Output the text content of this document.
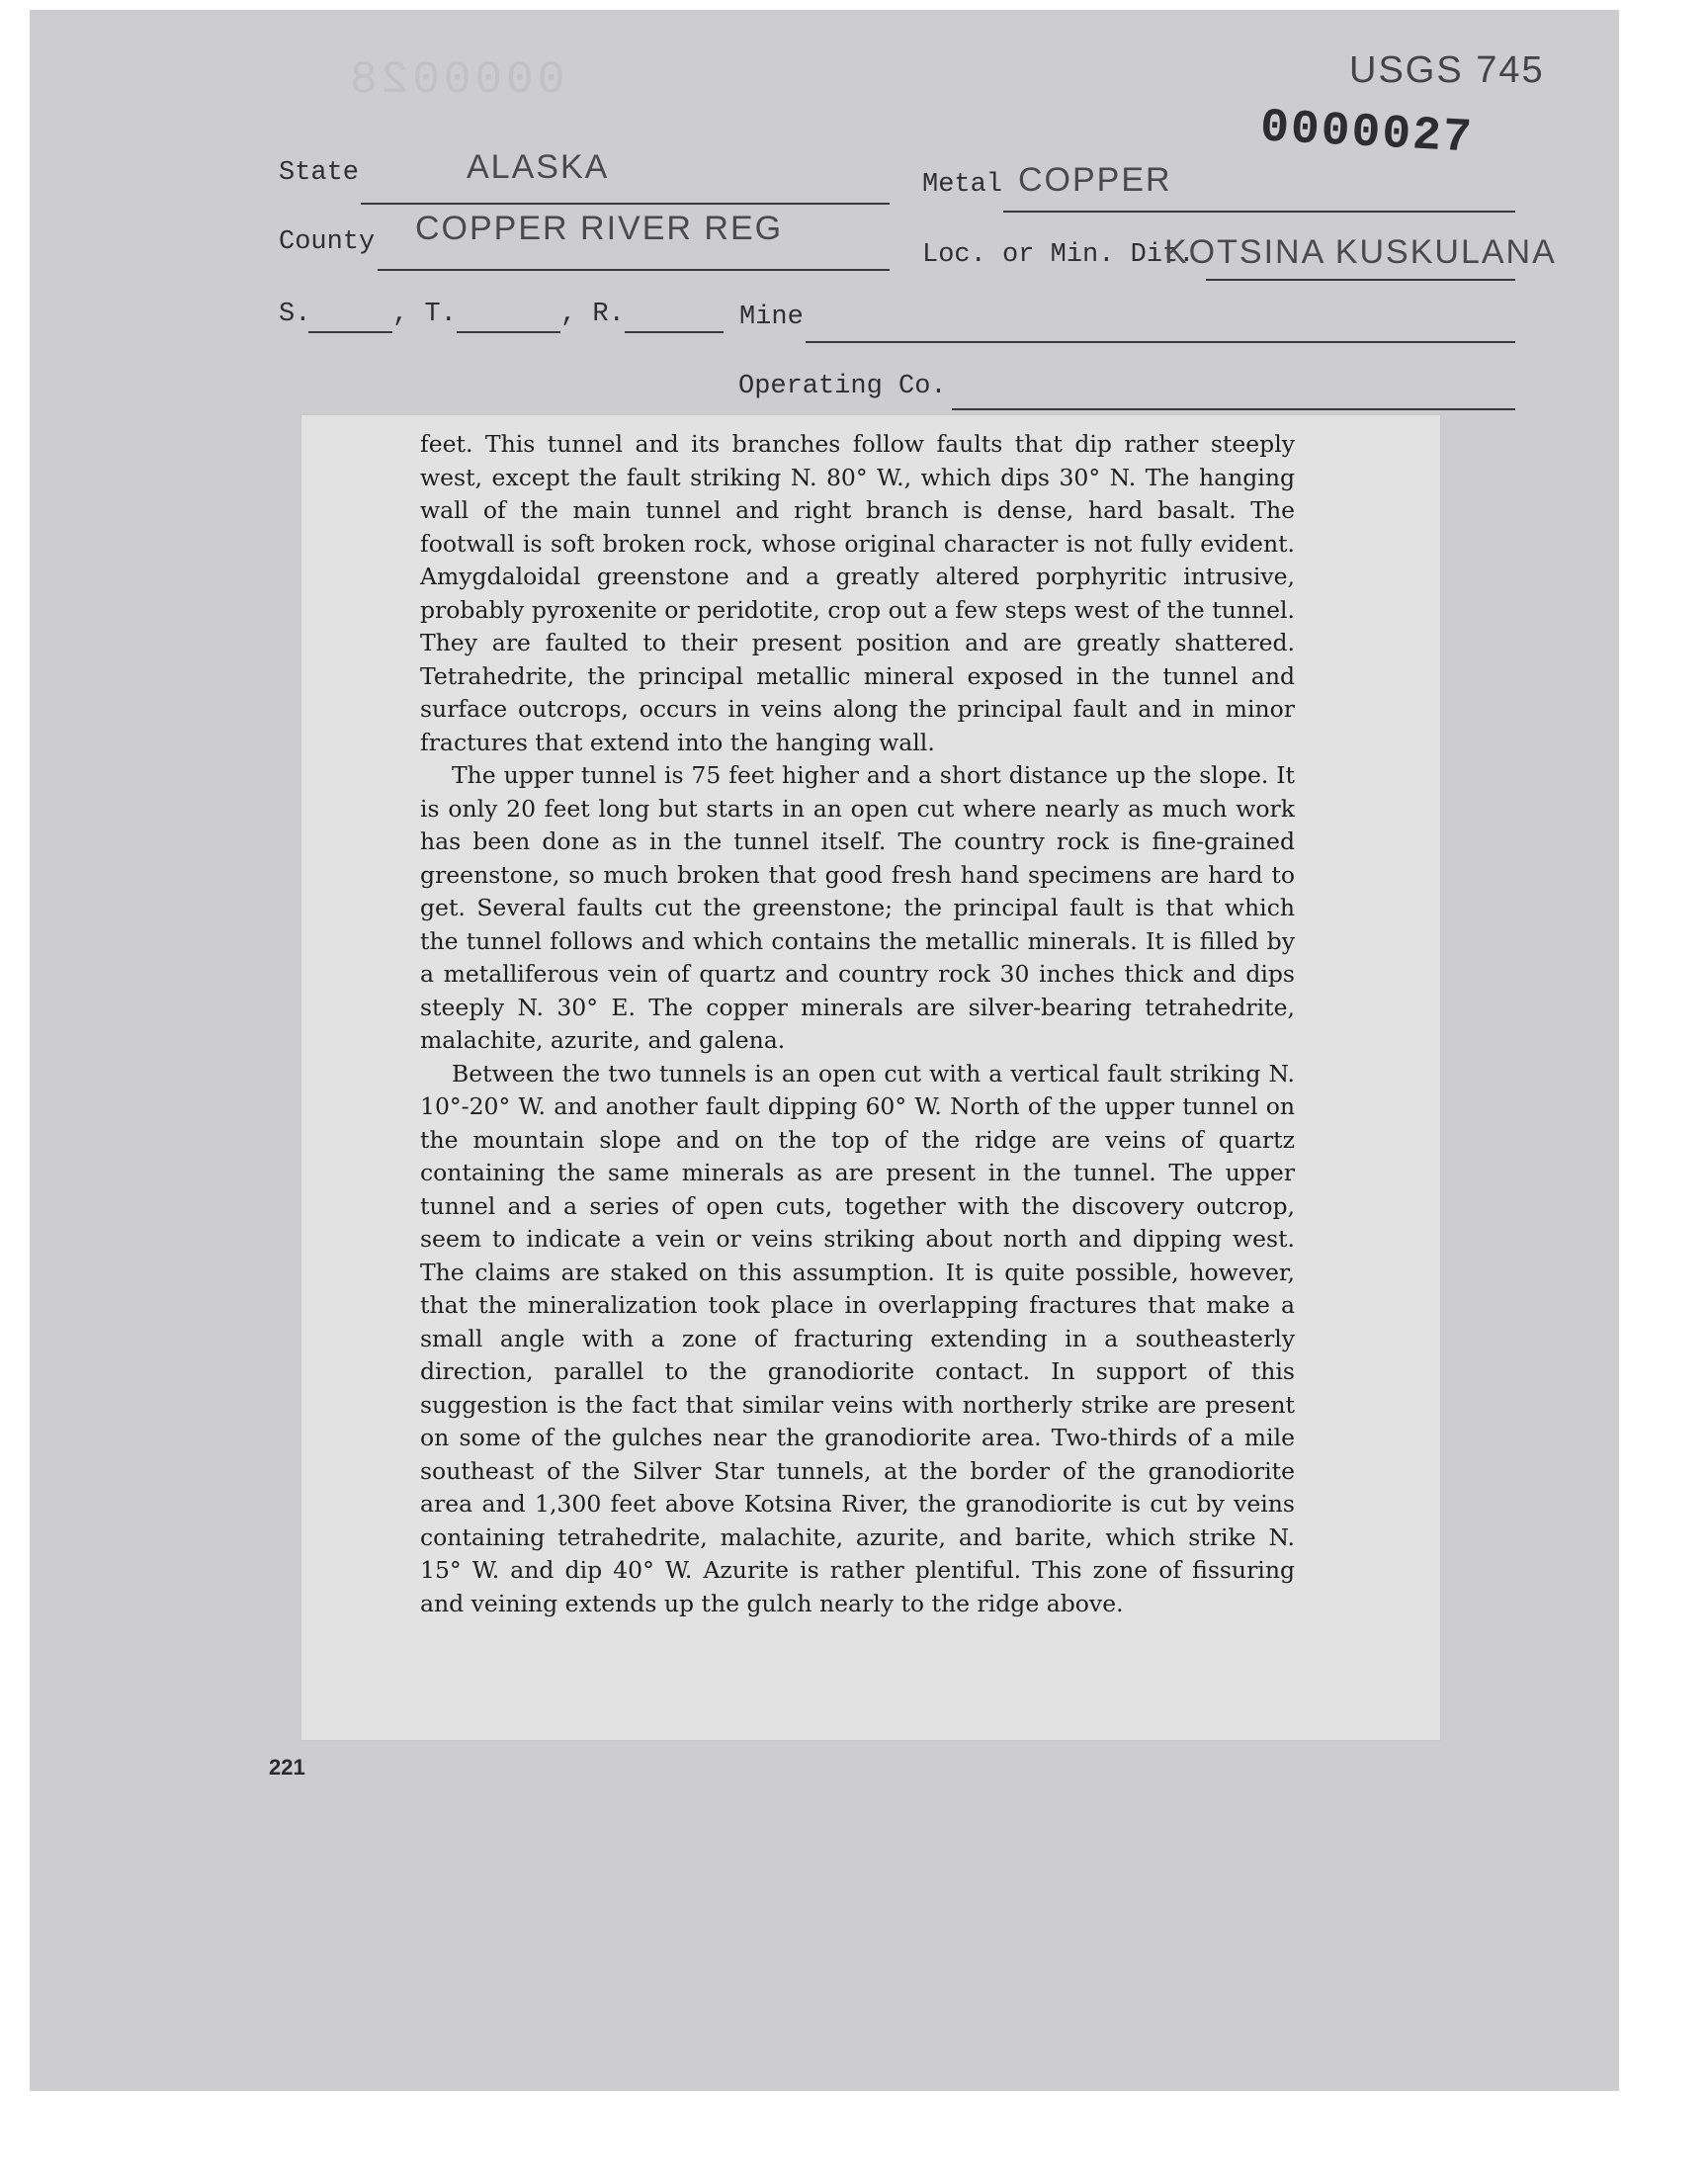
0000028	USGS 745
0000027
State	ALASKA	Metal COPPER
County COPPER RIVER REG
Loc. or Min. Dit.
KOTSINA KUSKULANA
S.	, T.	, R.	Mine
Operating Co.

feet. This tunnel and its branches follow faults that dip rather steeply west, except the fault striking N. 80° W., which dips 30° N. The hanging wall of the main tunnel and right branch is dense, hard basalt. The footwall is soft broken rock, whose original character is not fully evident. Amygdaloidal greenstone and a greatly altered porphyritic intrusive, probably pyroxenite or peridotite, crop out a few steps west of the tunnel. They are faulted to their present position and are greatly shattered. Tetrahedrite, the principal metallic mineral exposed in the tunnel and surface outcrops, occurs in veins along the principal fault and in minor fractures that extend into the hanging wall.

The upper tunnel is 75 feet higher and a short distance up the slope. It is only 20 feet long but starts in an open cut where nearly as much work has been done as in the tunnel itself. The country rock is fine-grained greenstone, so much broken that good fresh hand specimens are hard to get. Several faults cut the greenstone; the principal fault is that which the tunnel follows and which contains the metallic minerals. It is filled by a metalliferous vein of quartz and country rock 30 inches thick and dips steeply N. 30° E. The copper minerals are silver-bearing tetrahedrite, malachite, azurite, and galena.

Between the two tunnels is an open cut with a vertical fault striking N. 10°-20° W. and another fault dipping 60° W. North of the upper tunnel on the mountain slope and on the top of the ridge are veins of quartz containing the same minerals as are present in the tunnel. The upper tunnel and a series of open cuts, together with the discovery outcrop, seem to indicate a vein or veins striking about north and dipping west. The claims are staked on this assumption. It is quite possible, however, that the mineralization took place in overlapping fractures that make a small angle with a zone of fracturing extending in a southeasterly direction, parallel to the granodiorite contact. In support of this suggestion is the fact that similar veins with northerly strike are present on some of the gulches near the granodiorite area. Two-thirds of a mile southeast of the Silver Star tunnels, at the border of the granodiorite area and 1,300 feet above Kotsina River, the granodiorite is cut by veins containing tetrahedrite, malachite, azurite, and barite, which strike N. 15° W. and dip 40° W. Azurite is rather plentiful. This zone of fissuring and veining extends up the gulch nearly to the ridge above.

221
